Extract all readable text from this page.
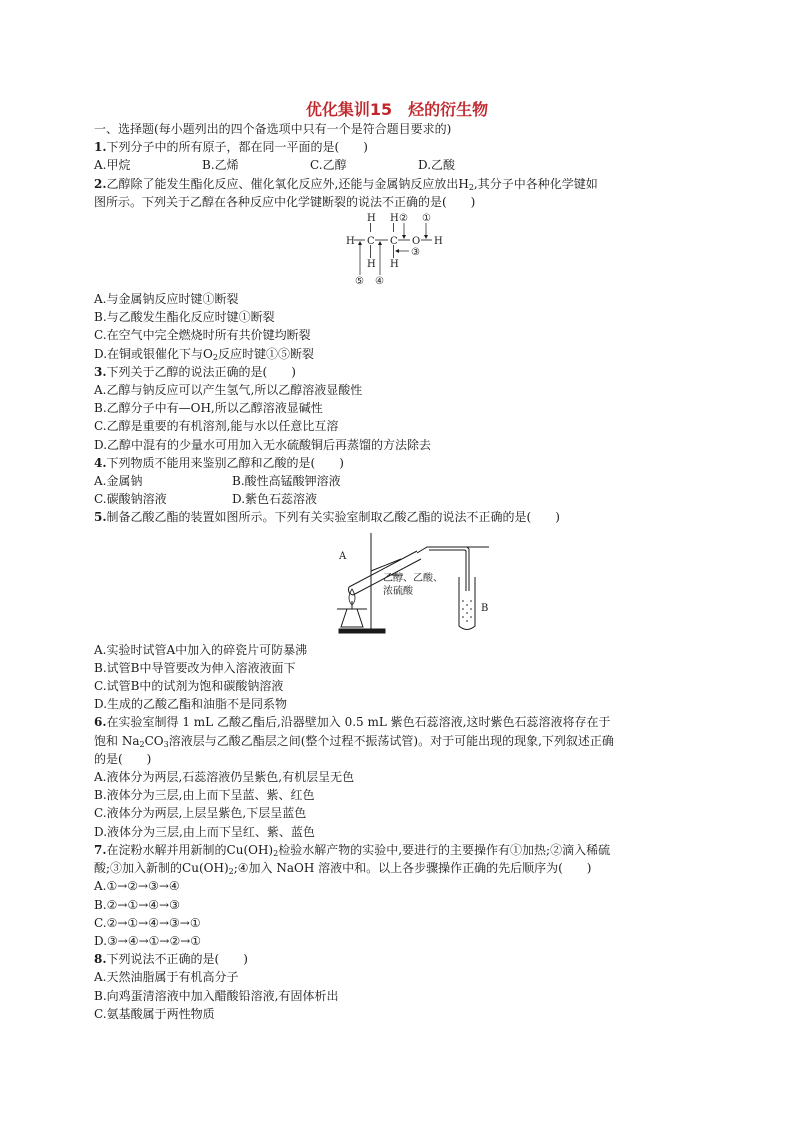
优化集训15　烃的衍生物
一、选择题(每小题列出的四个备选项中只有一个是符合题目要求的)
1.下列分子中的所有原子，都在同一平面的是(　　)
A.甲烷	B.乙烯	C.乙醇	D.乙酸
2.乙醇除了能发生酯化反应、催化氧化反应外,还能与金属钠反应放出$H_2$,其分子中各种化学键如
图所示。下列关于乙醇在各种反应中化学键断裂的说法不正确的是(　　)
H C C O H
H H
H H
② ①
③
⑤ ④
A.与金属钠反应时键①断裂
B.与乙酸发生酯化反应时键①断裂
C.在空气中完全燃烧时所有共价键均断裂
D.在铜或银催化下与$O_2$反应时键①⑤断裂
3.下列关于乙醇的说法正确的是(　　)
A.乙醇与钠反应可以产生氢气,所以乙醇溶液显酸性
B.乙醇分子中有—OH,所以乙醇溶液显碱性
C.乙醇是重要的有机溶剂,能与水以任意比互溶
D.乙醇中混有的少量水可用加入无水硫酸铜后再蒸馏的方法除去
4.下列物质不能用来鉴别乙醇和乙酸的是(　　)
A.金属钠	B.酸性高锰酸钾溶液
C.碳酸钠溶液	D.紫色石蕊溶液
5.制备乙酸乙酯的装置如图所示。下列有关实验室制取乙酸乙酯的说法不正确的是(　　)
A
B
乙醇、乙酸、
浓硫酸
A.实验时试管A中加入的碎瓷片可防暴沸
B.试管B中导管要改为伸入溶液液面下
C.试管B中的试剂为饱和碳酸钠溶液
D.生成的乙酸乙酯和油脂不是同系物
6.在实验室制得 1 mL 乙酸乙酯后,沿器壁加入 0.5 mL 紫色石蕊溶液,这时紫色石蕊溶液将存在于
饱和 $Na_2CO_3$溶液层与乙酸乙酯层之间(整个过程不振荡试管)。对于可能出现的现象,下列叙述正确
的是(　　)
A.液体分为两层,石蕊溶液仍呈紫色,有机层呈无色
B.液体分为三层,由上而下呈蓝、紫、红色
C.液体分为两层,上层呈紫色,下层呈蓝色
D.液体分为三层,由上而下呈红、紫、蓝色
7.在淀粉水解并用新制的$Cu(OH)_2$检验水解产物的实验中,要进行的主要操作有①加热;②滴入稀硫
酸;③加入新制的$Cu(OH)_2;④$加入 NaOH 溶液中和。以上各步骤操作正确的先后顺序为(　　)
A.①→②→③→④
B.②→①→④→③
C.②→①→④→③→①
D.③→④→①→②→①
8.下列说法不正确的是(　　)
A.天然油脂属于有机高分子
B.向鸡蛋清溶液中加入醋酸铅溶液,有固体析出
C.氨基酸属于两性物质
